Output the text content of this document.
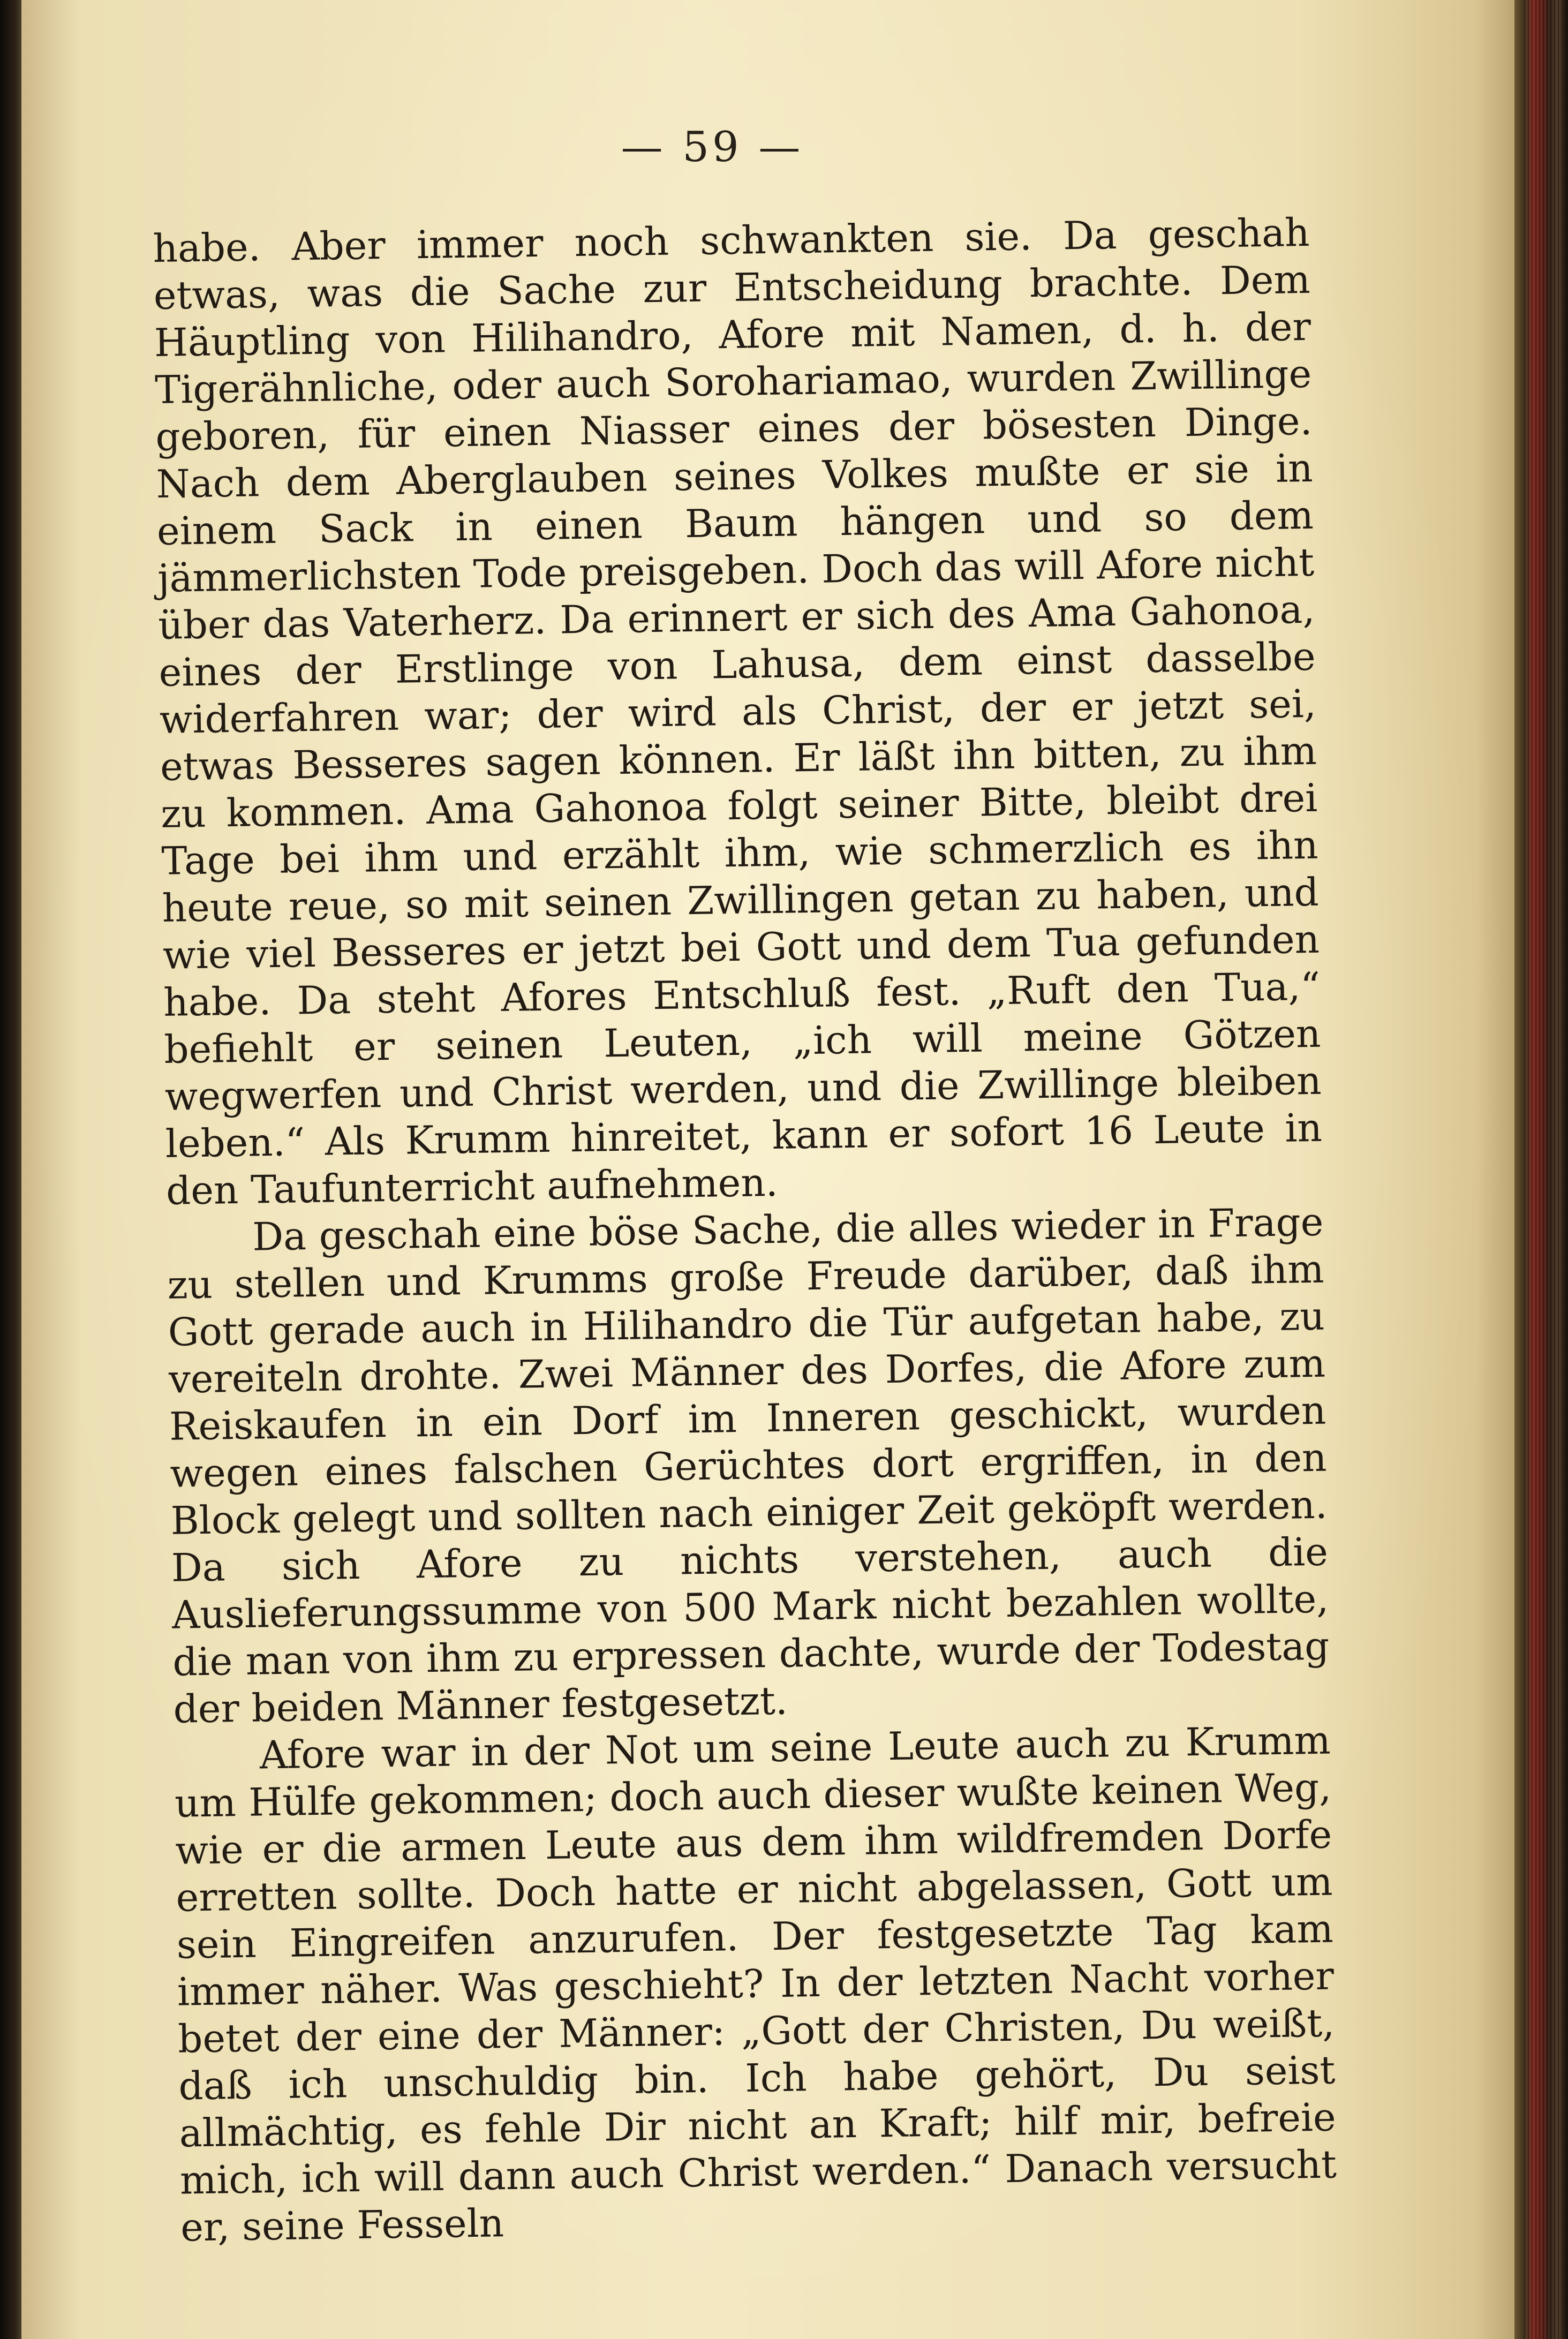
— 59 —

habe. Aber immer noch schwankten sie. Da geschah etwas, was die Sache zur Entscheidung brachte. Dem Häuptling von Hilihandro, Afore mit Namen, d. h. der Tigerähnliche, oder auch Sorohariamao, wurden Zwillinge geboren, für einen Niasser eines der bösesten Dinge. Nach dem Aberglauben seines Volkes mußte er sie in einem Sack in einen Baum hängen und so dem jämmerlichsten Tode preisgeben. Doch das will Afore nicht über das Vaterherz. Da erinnert er sich des Ama Gahonoa, eines der Erstlinge von Lahusa, dem einst dasselbe widerfahren war; der wird als Christ, der er jetzt sei, etwas Besseres sagen können. Er läßt ihn bitten, zu ihm zu kommen. Ama Gahonoa folgt seiner Bitte, bleibt drei Tage bei ihm und erzählt ihm, wie schmerzlich es ihn heute reue, so mit seinen Zwillingen getan zu haben, und wie viel Besseres er jetzt bei Gott und dem Tua gefunden habe. Da steht Afores Entschluß fest. „Ruft den Tua,“ befiehlt er seinen Leuten, „ich will meine Götzen wegwerfen und Christ werden, und die Zwillinge bleiben leben.“ Als Krumm hinreitet, kann er sofort 16 Leute in den Taufunterricht aufnehmen.

Da geschah eine böse Sache, die alles wieder in Frage zu stellen und Krumms große Freude darüber, daß ihm Gott gerade auch in Hilihandro die Tür aufgetan habe, zu vereiteln drohte. Zwei Männer des Dorfes, die Afore zum Reiskaufen in ein Dorf im Inneren geschickt, wurden wegen eines falschen Gerüchtes dort ergriffen, in den Block gelegt und sollten nach einiger Zeit geköpft werden. Da sich Afore zu nichts verstehen, auch die Auslieferungssumme von 500 Mark nicht bezahlen wollte, die man von ihm zu erpressen dachte, wurde der Todestag der beiden Männer festgesetzt.

Afore war in der Not um seine Leute auch zu Krumm um Hülfe gekommen; doch auch dieser wußte keinen Weg, wie er die armen Leute aus dem ihm wildfremden Dorfe erretten sollte. Doch hatte er nicht abgelassen, Gott um sein Eingreifen anzurufen. Der festgesetzte Tag kam immer näher. Was geschieht? In der letzten Nacht vorher betet der eine der Männer: „Gott der Christen, Du weißt, daß ich unschuldig bin. Ich habe gehört, Du seist allmächtig, es fehle Dir nicht an Kraft; hilf mir, befreie mich, ich will dann auch Christ werden.“ Danach versucht er, seine Fesseln
